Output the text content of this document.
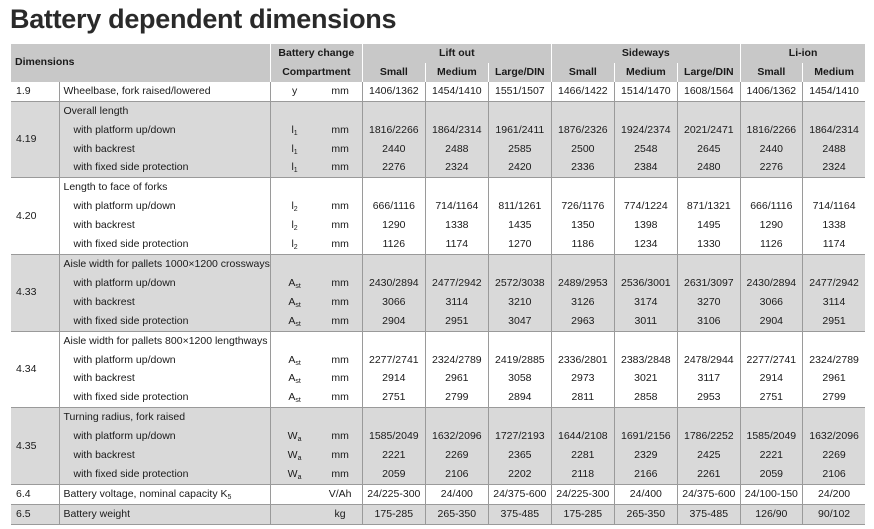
Battery dependent dimensions
Dimensions		Battery change		Lift out			Sideways			Li-ion	
		Compartment		Small	Medium	Large/DIN	Small	Medium	Large/DIN	Small	Medium
1.9	Wheelbase, fork raised/lowered	y	mm	1406/1362	1454/1410	1551/1507	1466/1422	1514/1470	1608/1564	1406/1362	1454/1410
4.19	Overall length										
	with platform up/down	$l_1$	mm	1816/2266	1864/2314	1961/2411	1876/2326	1924/2374	2021/2471	1816/2266	1864/2314
	with backrest	$l_1$	mm	2440	2488	2585	2500	2548	2645	2440	2488
	with fixed side protection	$l_1$	mm	2276	2324	2420	2336	2384	2480	2276	2324
4.20	Length to face of forks										
	with platform up/down	$l_2$	mm	666/1116	714/1164	811/1261	726/1176	774/1224	871/1321	666/1116	714/1164
	with backrest	$l_2$	mm	1290	1338	1435	1350	1398	1495	1290	1338
	with fixed side protection	$l_2$	mm	1126	1174	1270	1186	1234	1330	1126	1174
4.33	Aisle width for pallets 1000×1200 crossways										
	with platform up/down	$A_{st}$	mm	2430/2894	2477/2942	2572/3038	2489/2953	2536/3001	2631/3097	2430/2894	2477/2942
	with backrest	$A_{st}$	mm	3066	3114	3210	3126	3174	3270	3066	3114
	with fixed side protection	$A_{st}$	mm	2904	2951	3047	2963	3011	3106	2904	2951
4.34	Aisle width for pallets 800×1200 lengthways										
	with platform up/down	$A_{st}$	mm	2277/2741	2324/2789	2419/2885	2336/2801	2383/2848	2478/2944	2277/2741	2324/2789
	with backrest	$A_{st}$	mm	2914	2961	3058	2973	3021	3117	2914	2961
	with fixed side protection	$A_{st}$	mm	2751	2799	2894	2811	2858	2953	2751	2799
4.35	Turning radius, fork raised										
	with platform up/down	$W_a$	mm	1585/2049	1632/2096	1727/2193	1644/2108	1691/2156	1786/2252	1585/2049	1632/2096
	with backrest	$W_a$	mm	2221	2269	2365	2281	2329	2425	2221	2269
	with fixed side protection	$W_a$	mm	2059	2106	2202	2118	2166	2261	2059	2106
6.4	Battery voltage, nominal capacity $K_5$		V/Ah	24/225-300	24/400	24/375-600	24/225-300	24/400	24/375-600	24/100-150	24/200
6.5	Battery weight		kg	175-285	265-350	375-485	175-285	265-350	375-485	126/90	90/102
